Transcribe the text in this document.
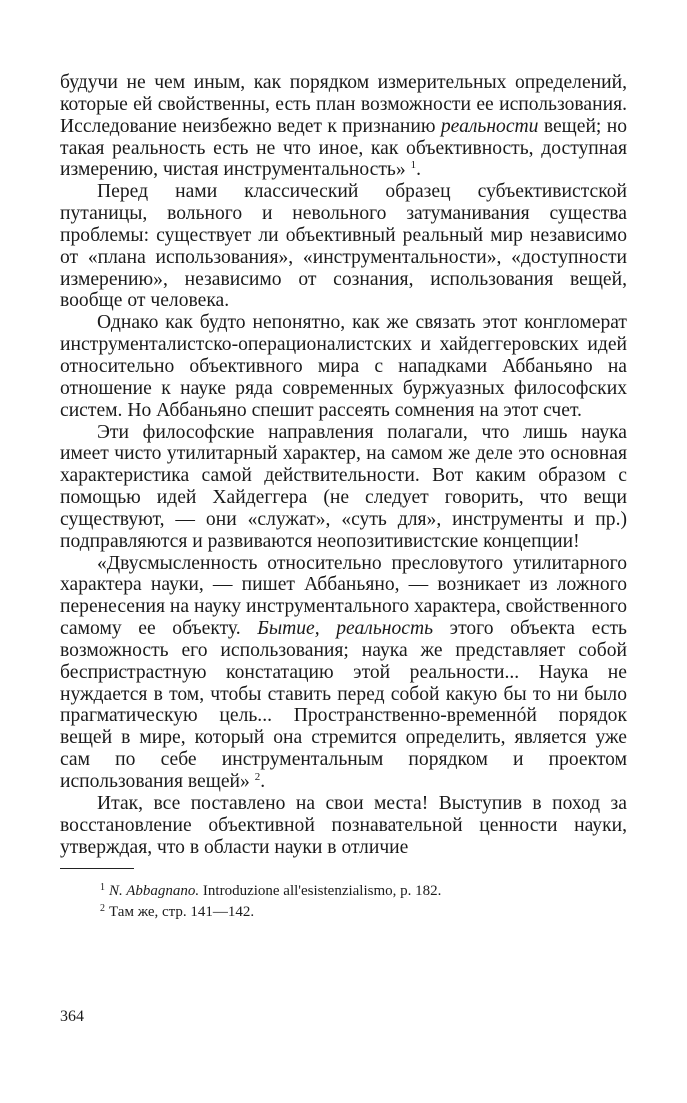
будучи не чем иным, как порядком измерительных определений, которые ей свойственны, есть план возможности ее использования. Исследование неизбежно ведет к признанию реальности вещей; но такая реальность есть не что иное, как объективность, доступная измерению, чистая инструментальность» $^1$.

Перед нами классический образец субъективистской путаницы, вольного и невольного затуманивания существа проблемы: существует ли объективный реальный мир независимо от «плана использования», «инструментальности», «доступности измерению», независимо от сознания, использования вещей, вообще от человека.

Однако как будто непонятно, как же связать этот конгломерат инструменталистско-операционалистских и хайдеггеровских идей относительно объективного мира с нападками Аббаньяно на отношение к науке ряда современных буржуазных философских систем. Но Аббаньяно спешит рассеять сомнения на этот счет.

Эти философские направления полагали, что лишь наука имеет чисто утилитарный характер, на самом же деле это основная характеристика самой действительности. Вот каким образом с помощью идей Хайдеггера (не следует говорить, что вещи существуют, — они «служат», «суть для», инструменты и пр.) подправляются и развиваются неопозитивистские концепции!

«Двусмысленность относительно пресловутого утилитарного характера науки, — пишет Аббаньяно, — возникает из ложного перенесения на науку инструментального характера, свойственного самому ее объекту. Бытие, реальность этого объекта есть возможность его использования; наука же представляет собой беспристрастную констатацию этой реальности... Наука не нуждается в том, чтобы ставить перед собой какую бы то ни было прагматическую цель... Пространственно-временнóй порядок вещей в мире, который она стремится определить, является уже сам по себе инструментальным порядком и проектом использования вещей» $^2$.

Итак, все поставлено на свои места! Выступив в поход за восстановление объективной познавательной ценности науки, утверждая, что в области науки в отличие

$^1$ N. Abbagnano. Introduzione all'esistenzialismo, p. 182.
$^2$ Там же, стр. 141—142.
364
